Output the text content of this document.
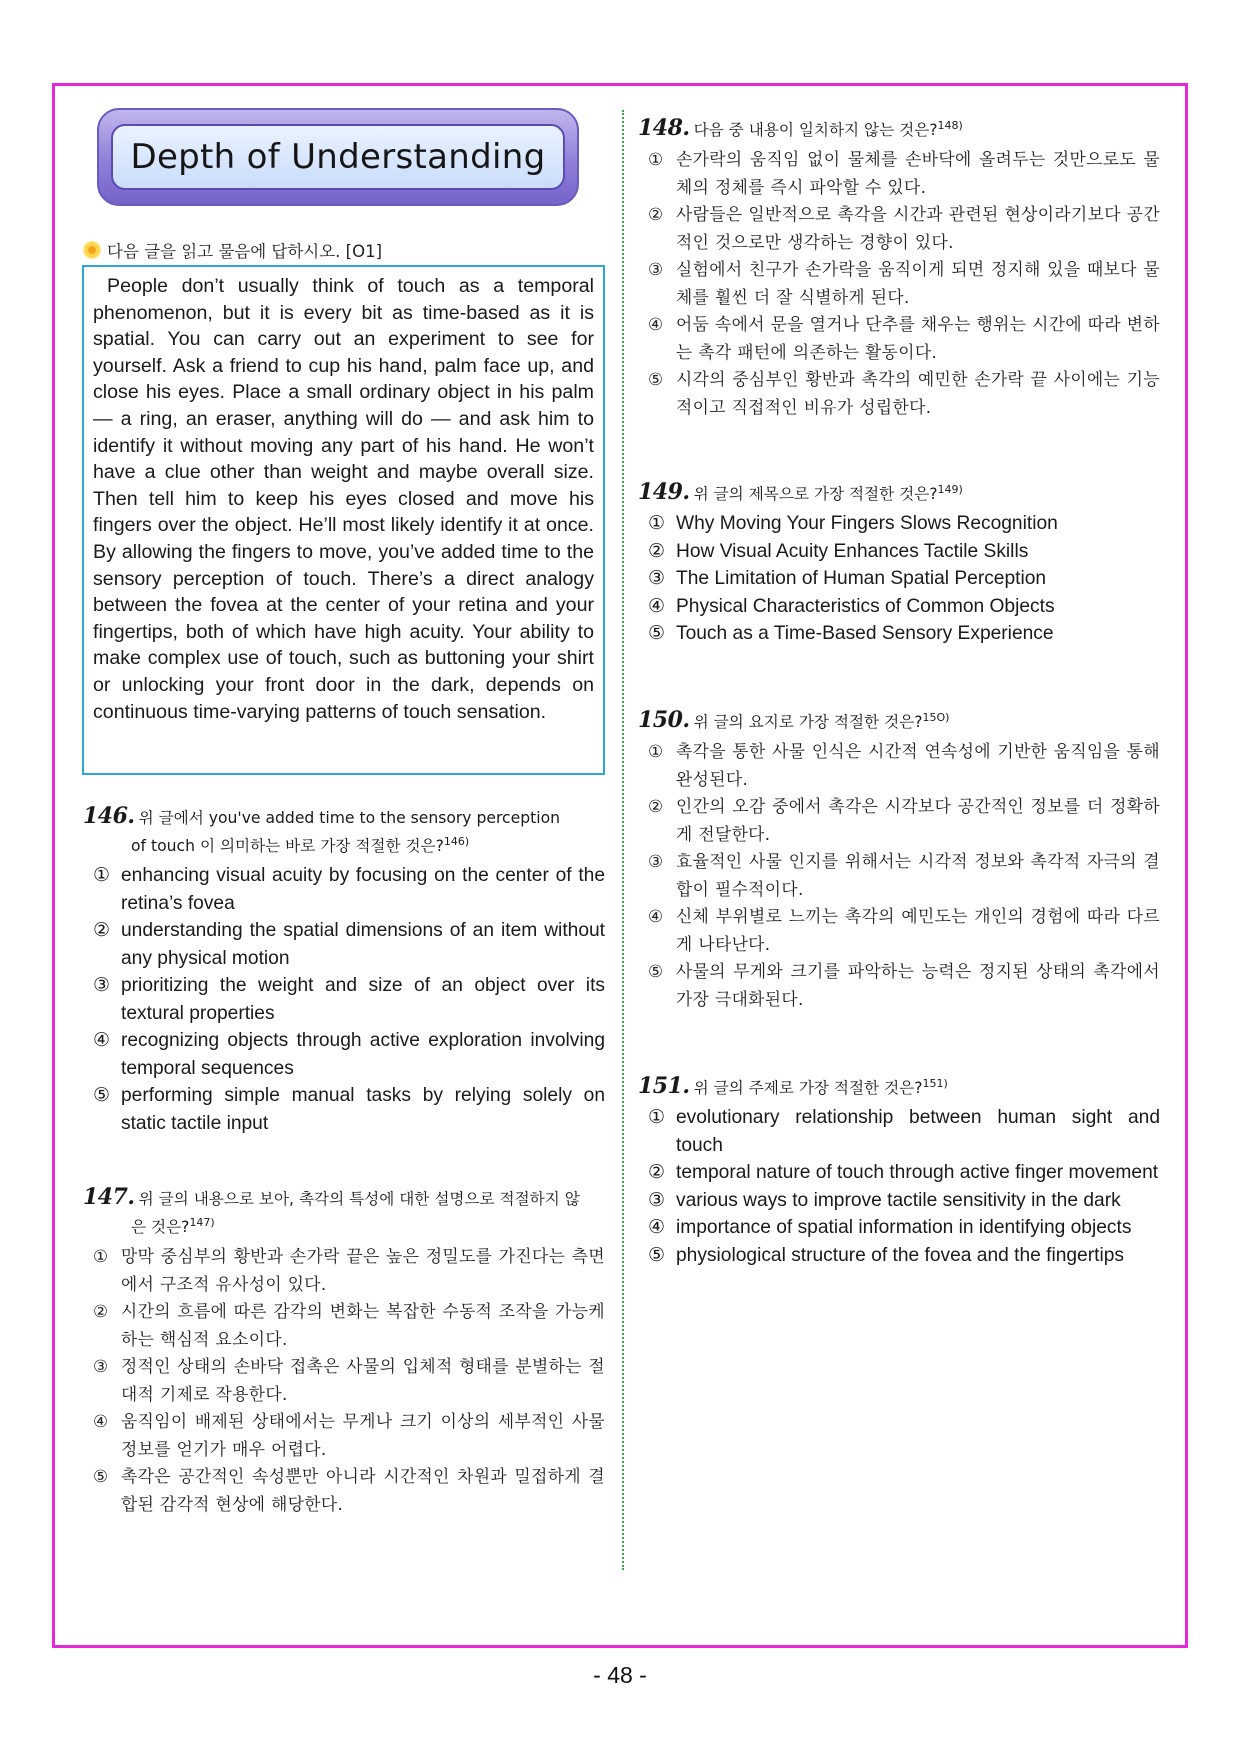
Depth of Understanding
다음 글을 읽고 물음에 답하시오. [O1]

People don’t usually think of touch as a temporal phenomenon, but it is every bit as time-based as it is spatial. You can carry out an experiment to see for yourself. Ask a friend to cup his hand, palm face up, and close his eyes. Place a small ordinary object in his palm — a ring, an eraser, anything will do — and ask him to identify it without moving any part of his hand. He won’t have a clue other than weight and maybe overall size. Then tell him to keep his eyes closed and move his fingers over the object. He’ll most likely identify it at once. By allowing the fingers to move, you’ve added time to the sensory perception of touch. There’s a direct analogy between the fovea at the center of your retina and your fingertips, both of which have high acuity. Your ability to make complex use of touch, such as buttoning your shirt or unlocking your front door in the dark, depends on continuous time-varying patterns of touch sensation.

146. 위 글에서 you've added time to the sensory perception
of touch 이 의미하는 바로 가장 적절한 것은?$^{146)}$
① enhancing visual acuity by focusing on the center of the retina’s fovea
② understanding the spatial dimensions of an item without any physical motion
③ prioritizing the weight and size of an object over its textural properties
④ recognizing objects through active exploration involving temporal sequences
⑤ performing simple manual tasks by relying solely on static tactile input
147. 위 글의 내용으로 보아, 촉각의 특성에 대한 설명으로 적절하지 않
은 것은?$^{147)}$
① 망막 중심부의 황반과 손가락 끝은 높은 정밀도를 가진다는 측면에서 구조적 유사성이 있다.
② 시간의 흐름에 따른 감각의 변화는 복잡한 수동적 조작을 가능케 하는 핵심적 요소이다.
③ 정적인 상태의 손바닥 접촉은 사물의 입체적 형태를 분별하는 절대적 기제로 작용한다.
④ 움직임이 배제된 상태에서는 무게나 크기 이상의 세부적인 사물 정보를 얻기가 매우 어렵다.
⑤ 촉각은 공간적인 속성뿐만 아니라 시간적인 차원과 밀접하게 결합된 감각적 현상에 해당한다.
148. 다음 중 내용이 일치하지 않는 것은?$^{148)}$
① 손가락의 움직임 없이 물체를 손바닥에 올려두는 것만으로도 물체의 정체를 즉시 파악할 수 있다.
② 사람들은 일반적으로 촉각을 시간과 관련된 현상이라기보다 공간적인 것으로만 생각하는 경향이 있다.
③ 실험에서 친구가 손가락을 움직이게 되면 정지해 있을 때보다 물체를 훨씬 더 잘 식별하게 된다.
④ 어둠 속에서 문을 열거나 단추를 채우는 행위는 시간에 따라 변하는 촉각 패턴에 의존하는 활동이다.
⑤ 시각의 중심부인 황반과 촉각의 예민한 손가락 끝 사이에는 기능적이고 직접적인 비유가 성립한다.
149. 위 글의 제목으로 가장 적절한 것은?$^{149)}$
① Why Moving Your Fingers Slows Recognition
② How Visual Acuity Enhances Tactile Skills
③ The Limitation of Human Spatial Perception
④ Physical Characteristics of Common Objects
⑤ Touch as a Time-Based Sensory Experience
150. 위 글의 요지로 가장 적절한 것은?$^{15O)}$
① 촉각을 통한 사물 인식은 시간적 연속성에 기반한 움직임을 통해 완성된다.
② 인간의 오감 중에서 촉각은 시각보다 공간적인 정보를 더 정확하게 전달한다.
③ 효율적인 사물 인지를 위해서는 시각적 정보와 촉각적 자극의 결합이 필수적이다.
④ 신체 부위별로 느끼는 촉각의 예민도는 개인의 경험에 따라 다르게 나타난다.
⑤ 사물의 무게와 크기를 파악하는 능력은 정지된 상태의 촉각에서 가장 극대화된다.
151. 위 글의 주제로 가장 적절한 것은?$^{151)}$
① evolutionary relationship between human sight and touch
② temporal nature of touch through active finger movement
③ various ways to improve tactile sensitivity in the dark
④ importance of spatial information in identifying objects
⑤ physiological structure of the fovea and the fingertips
- 48 -
